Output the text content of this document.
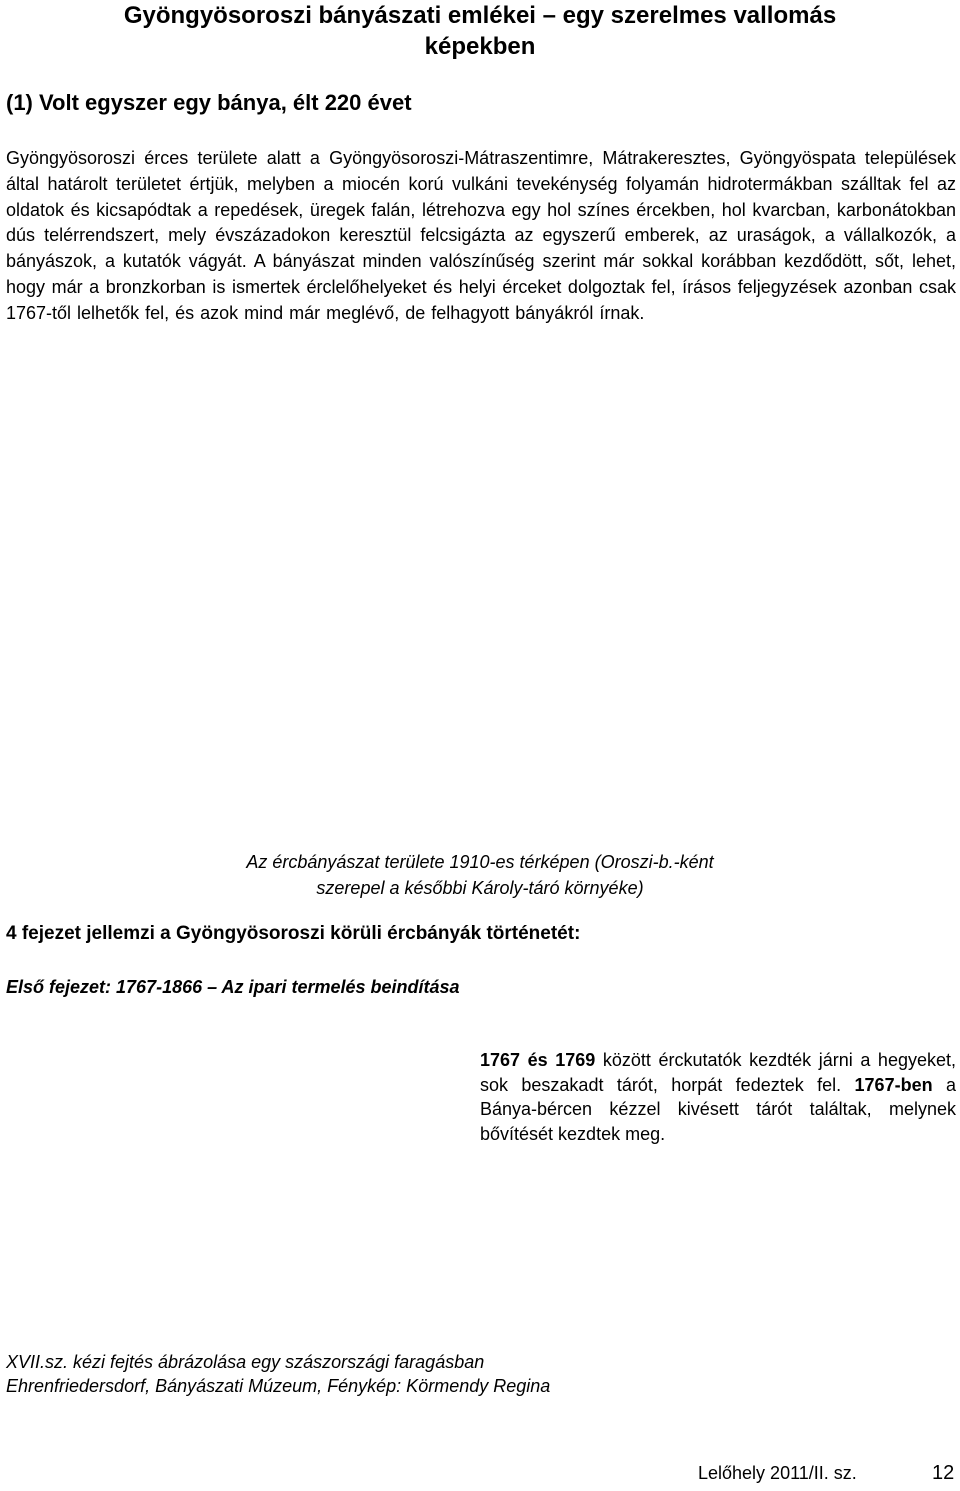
Gyöngyösoroszi bányászati emlékei – egy szerelmes vallomás
képekben
(1) Volt egyszer egy bánya, élt 220 évet

Gyöngyösoroszi érces területe alatt a Gyöngyösoroszi-Mátraszentimre, Mátrakeresztes, Gyöngyöspata települések által határolt területet értjük, melyben a miocén korú vulkáni tevekénység folyamán hidrotermákban szálltak fel az oldatok és kicsapódtak a repedések, üregek falán, létrehozva egy hol színes ércekben, hol kvarcban, karbonátokban dús telérrendszert, mely évszázadokon keresztül felcsigázta az egyszerű emberek, az uraságok, a vállalkozók, a bányászok, a kutatók vágyát. A bányászat minden valószínűség szerint már sokkal korábban kezdődött, sőt, lehet, hogy már a bronzkorban is ismertek érclelőhelyeket és helyi érceket dolgoztak fel, írásos feljegyzések azonban csak 1767-től lelhetők fel, és azok mind már meglévő, de felhagyott bányákról írnak.

Az ércbányászat területe 1910-es térképen (Oroszi-b.-ként
szerepel a későbbi Károly-táró környéke)

4 fejezet jellemzi a Gyöngyösoroszi körüli ércbányák történetét:
Első fejezet: 1767-1866 – Az ipari termelés beindítása

1767 és 1769 között érckutatók kezdték járni a hegyeket, sok beszakadt tárót, horpát fedeztek fel. 1767-ben a Bánya-bércen kézzel kivésett tárót találtak, melynek bővítését kezdtek meg.

XVII.sz. kézi fejtés ábrázolása egy szászországi faragásban
Ehrenfriedersdorf, Bányászati Múzeum, Fénykép: Körmendy Regina

Lelőhely 2011/II. sz.	12
